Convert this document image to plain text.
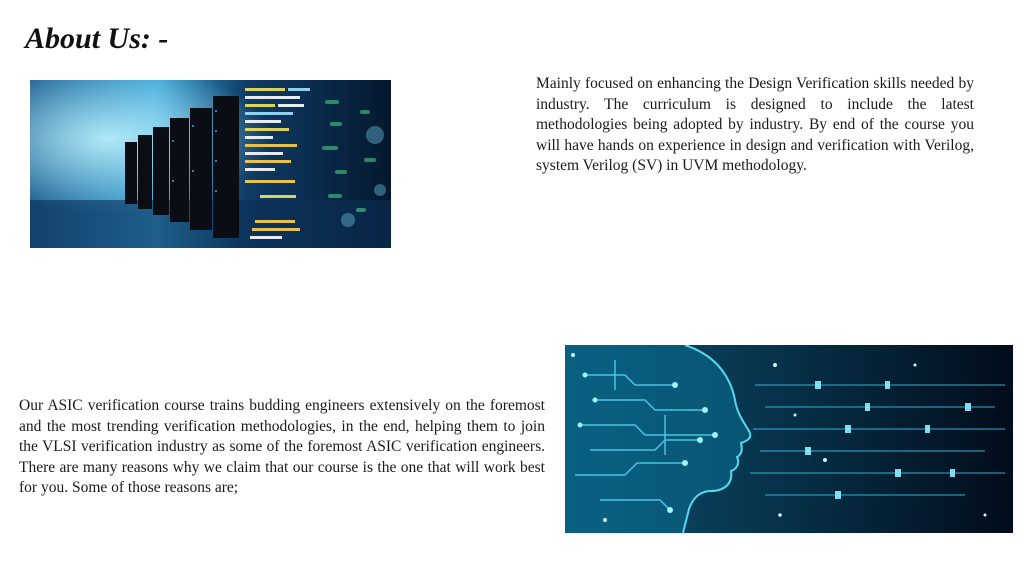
About Us: -

Mainly focused on enhancing the Design Verification skills needed by industry. The curriculum is designed to include the latest methodologies being adopted by industry. By end of the course you will have hands on experience in design and verification with Verilog, system Verilog (SV) in UVM methodology.

Our ASIC verification course trains budding engineers extensively on the foremost and the most trending verification methodologies, in the end, helping them to join the VLSI verification industry as some of the foremost ASIC verification engineers. There are many reasons why we claim that our course is the one that will work best for you. Some of those reasons are;
